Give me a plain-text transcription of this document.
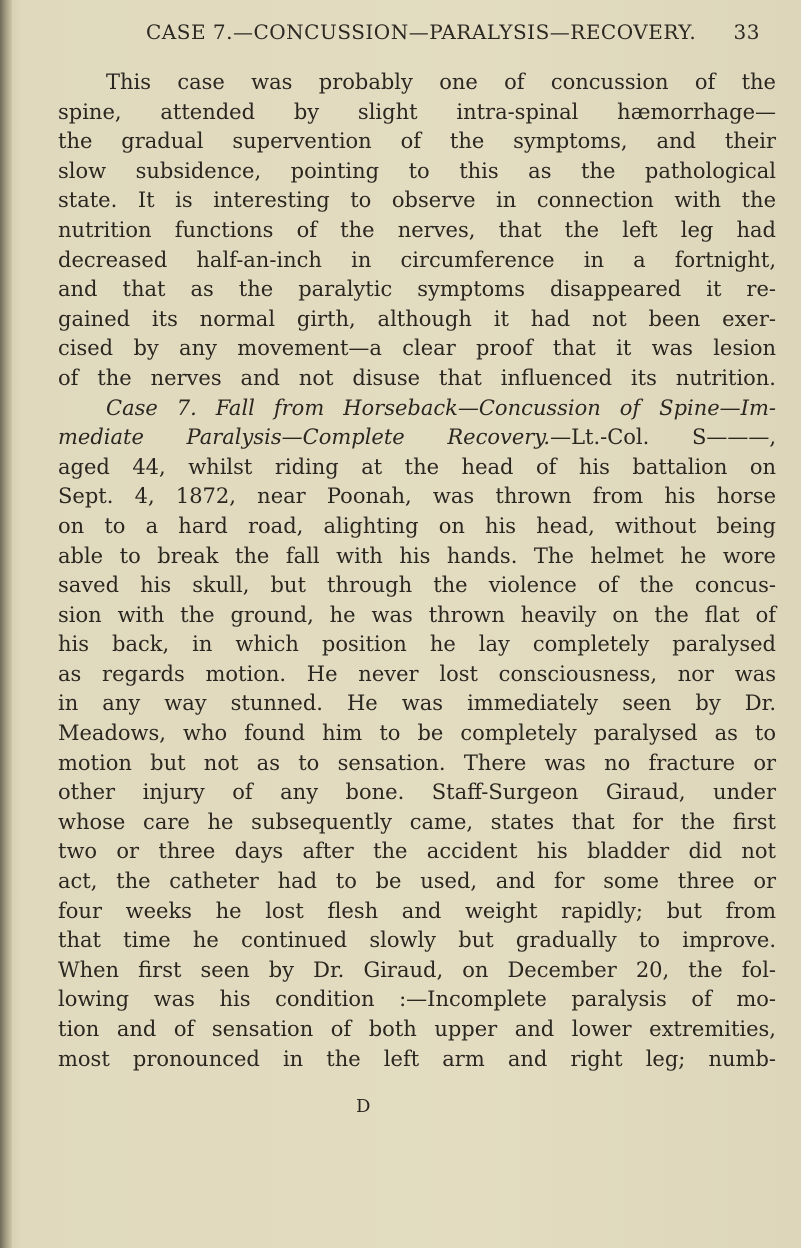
CASE 7.—CONCUSSION—PARALYSIS—RECOVERY. 33
This case was probably one of concussion of the
spine, attended by slight intra-spinal hæmorrhage—
the gradual supervention of the symptoms, and their
slow subsidence, pointing to this as the pathological
state. It is interesting to observe in connection with the
nutrition functions of the nerves, that the left leg had
decreased half-an-inch in circumference in a fortnight,
and that as the paralytic symptoms disappeared it re-
gained its normal girth, although it had not been exer-
cised by any movement—a clear proof that it was lesion
of the nerves and not disuse that influenced its nutrition.
Case 7. Fall from Horseback—Concussion of Spine—Im-
mediate Paralysis—Complete Recovery.—Lt.-Col. S———,
aged 44, whilst riding at the head of his battalion on
Sept. 4, 1872, near Poonah, was thrown from his horse
on to a hard road, alighting on his head, without being
able to break the fall with his hands. The helmet he wore
saved his skull, but through the violence of the concus-
sion with the ground, he was thrown heavily on the flat of
his back, in which position he lay completely paralysed
as regards motion. He never lost consciousness, nor was
in any way stunned. He was immediately seen by Dr.
Meadows, who found him to be completely paralysed as to
motion but not as to sensation. There was no fracture or
other injury of any bone. Staff-Surgeon Giraud, under
whose care he subsequently came, states that for the first
two or three days after the accident his bladder did not
act, the catheter had to be used, and for some three or
four weeks he lost flesh and weight rapidly; but from
that time he continued slowly but gradually to improve.
When first seen by Dr. Giraud, on December 20, the fol-
lowing was his condition :—Incomplete paralysis of mo-
tion and of sensation of both upper and lower extremities,
most pronounced in the left arm and right leg; numb-
D
